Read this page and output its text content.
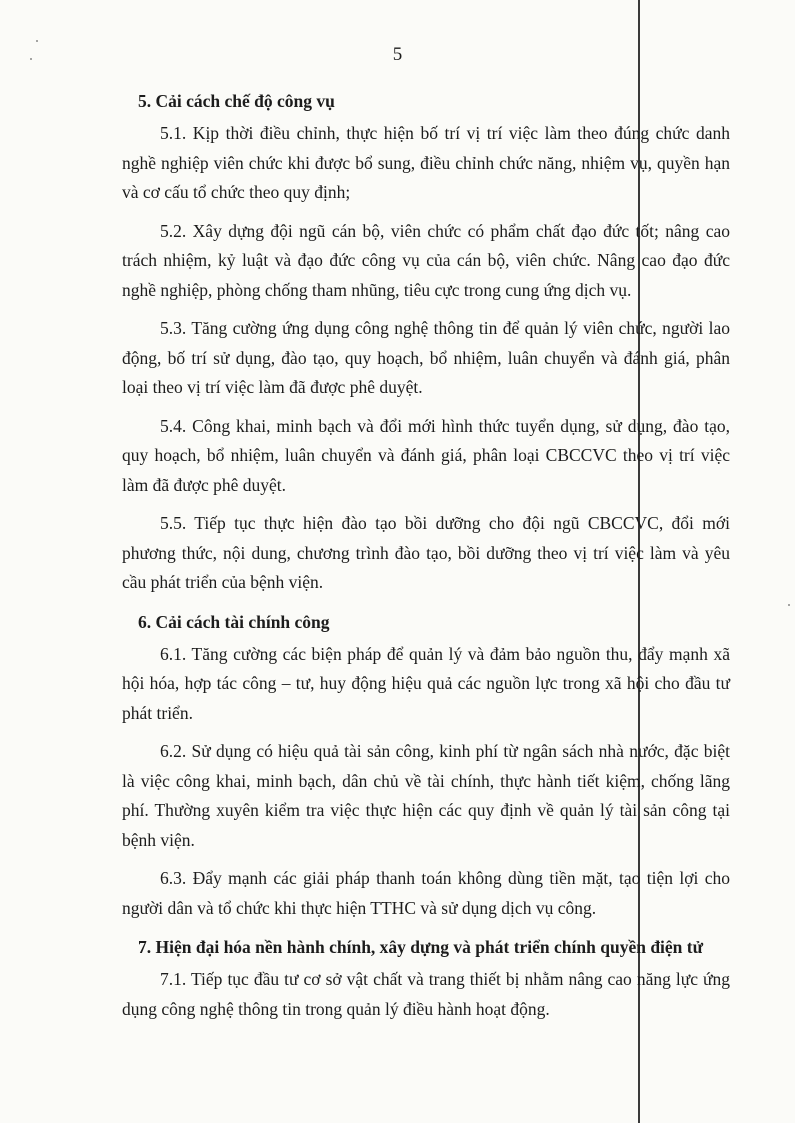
5
5. Cải cách chế độ công vụ

5.1. Kịp thời điều chỉnh, thực hiện bố trí vị trí việc làm theo đúng chức danh nghề nghiệp viên chức khi được bổ sung, điều chỉnh chức năng, nhiệm vụ, quyền hạn và cơ cấu tổ chức theo quy định;

5.2. Xây dựng đội ngũ cán bộ, viên chức có phẩm chất đạo đức tốt; nâng cao trách nhiệm, kỷ luật và đạo đức công vụ của cán bộ, viên chức. Nâng cao đạo đức nghề nghiệp, phòng chống tham nhũng, tiêu cực trong cung ứng dịch vụ.

5.3. Tăng cường ứng dụng công nghệ thông tin để quản lý viên chức, người lao động, bố trí sử dụng, đào tạo, quy hoạch, bổ nhiệm, luân chuyển và đánh giá, phân loại theo vị trí việc làm đã được phê duyệt.

5.4. Công khai, minh bạch và đổi mới hình thức tuyển dụng, sử dụng, đào tạo, quy hoạch, bổ nhiệm, luân chuyển và đánh giá, phân loại CBCCVC theo vị trí việc làm đã được phê duyệt.

5.5. Tiếp tục thực hiện đào tạo bồi dưỡng cho đội ngũ CBCCVC, đổi mới phương thức, nội dung, chương trình đào tạo, bồi dưỡng theo vị trí việc làm và yêu cầu phát triển của bệnh viện.

6. Cải cách tài chính công

6.1. Tăng cường các biện pháp để quản lý và đảm bảo nguồn thu, đẩy mạnh xã hội hóa, hợp tác công – tư, huy động hiệu quả các nguồn lực trong xã hội cho đầu tư phát triển.

6.2. Sử dụng có hiệu quả tài sản công, kinh phí từ ngân sách nhà nước, đặc biệt là việc công khai, minh bạch, dân chủ về tài chính, thực hành tiết kiệm, chống lãng phí. Thường xuyên kiểm tra việc thực hiện các quy định về quản lý tài sản công tại bệnh viện.

6.3. Đẩy mạnh các giải pháp thanh toán không dùng tiền mặt, tạo tiện lợi cho người dân và tổ chức khi thực hiện TTHC và sử dụng dịch vụ công.

7. Hiện đại hóa nền hành chính, xây dựng và phát triển chính quyền điện tử

7.1. Tiếp tục đầu tư cơ sở vật chất và trang thiết bị nhằm nâng cao năng lực ứng dụng công nghệ thông tin trong quản lý điều hành hoạt động.
